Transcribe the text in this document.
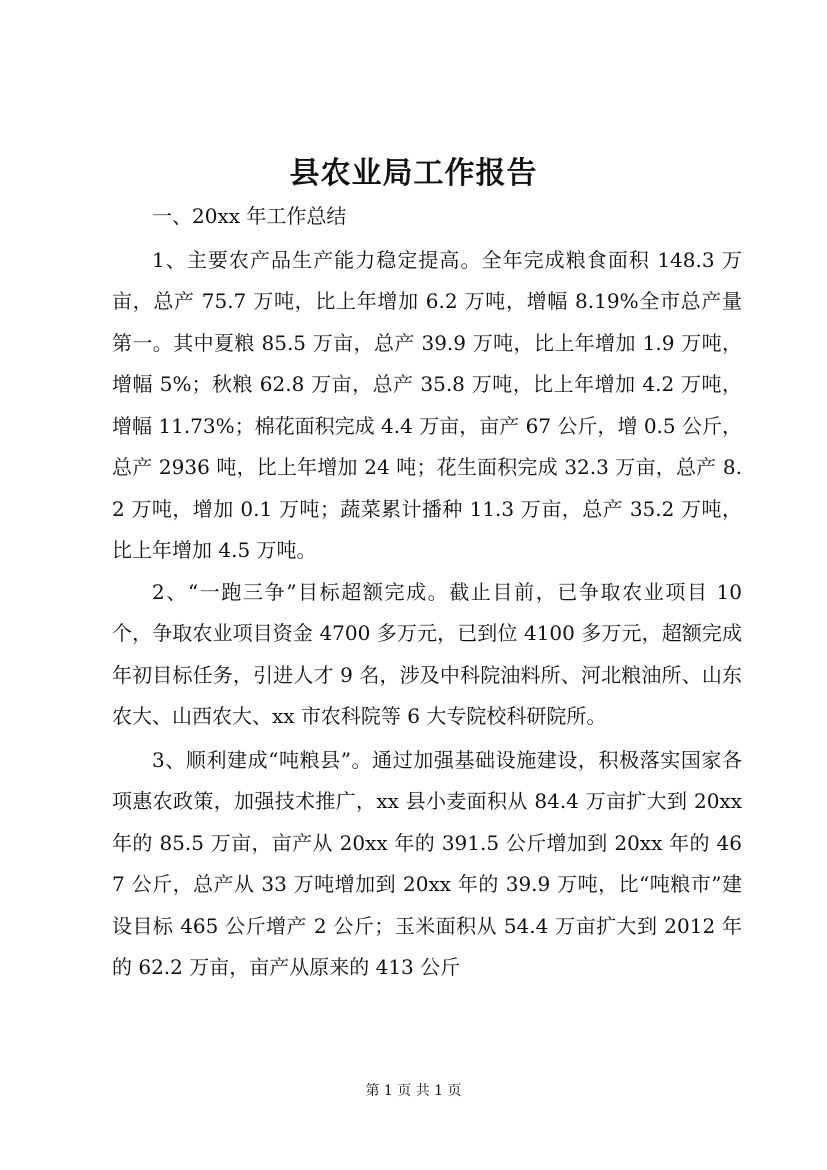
县农业局工作报告

一、20xx 年工作总结

1、主要农产品生产能力稳定提高。全年完成粮食面积 148.3 万亩，总产 75.7 万吨，比上年增加 6.2 万吨，增幅 8.19%全市总产量第一。其中夏粮 85.5 万亩，总产 39.9 万吨，比上年增加 1.9 万吨，增幅 5%；秋粮 62.8 万亩，总产 35.8 万吨，比上年增加 4.2 万吨，增幅 11.73%；棉花面积完成 4.4 万亩，亩产 67 公斤，增 0.5 公斤，总产 2936 吨，比上年增加 24 吨；花生面积完成 32.3 万亩，总产 8.2 万吨，增加 0.1 万吨；蔬菜累计播种 11.3 万亩，总产 35.2 万吨，比上年增加 4.5 万吨。

2、“一跑三争”目标超额完成。截止目前，已争取农业项目 10 个，争取农业项目资金 4700 多万元，已到位 4100 多万元，超额完成年初目标任务，引进人才 9 名，涉及中科院油料所、河北粮油所、山东农大、山西农大、xx 市农科院等 6 大专院校科研院所。

3、顺利建成“吨粮县”。通过加强基础设施建设，积极落实国家各项惠农政策，加强技术推广，xx 县小麦面积从 84.4 万亩扩大到 20xx 年的 85.5 万亩，亩产从 20xx 年的 391.5 公斤增加到 20xx 年的 467 公斤，总产从 33 万吨增加到 20xx 年的 39.9 万吨，比“吨粮市”建设目标 465 公斤增产 2 公斤；玉米面积从 54.4 万亩扩大到 2012 年的 62.2 万亩，亩产从原来的 413 公斤

第 1 页 共 1 页
